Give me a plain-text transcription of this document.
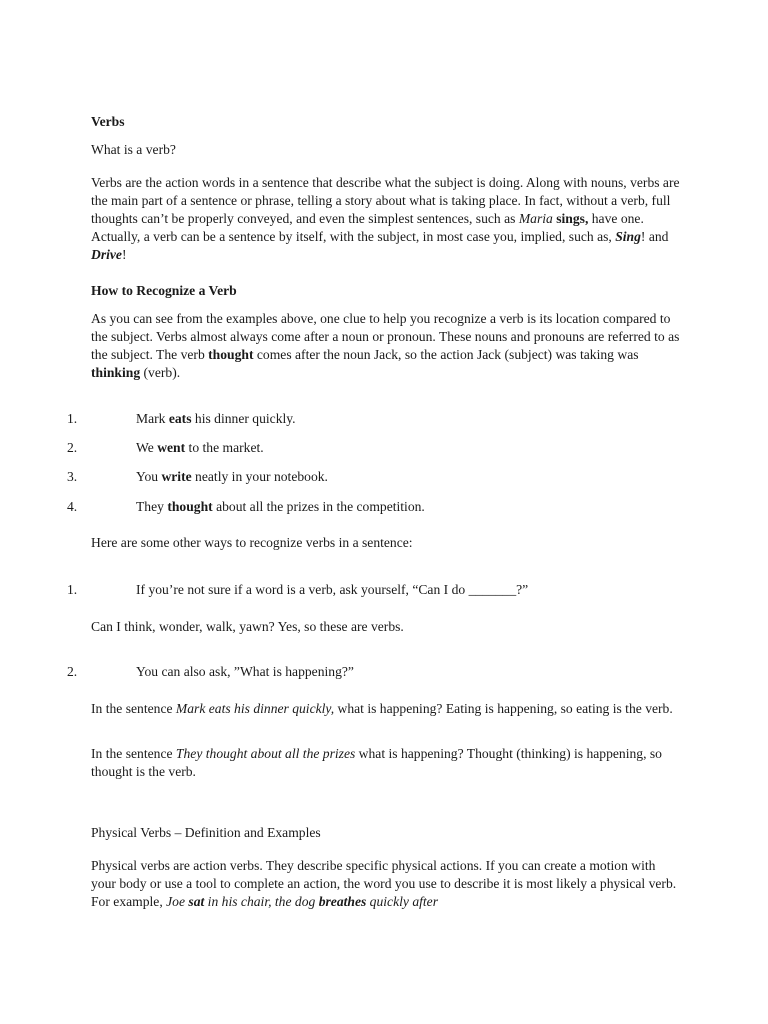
Verbs

What is a verb?

Verbs are the action words in a sentence that describe what the subject is doing. Along with nouns, verbs are the main part of a sentence or phrase, telling a story about what is taking place. In fact, without a verb, full thoughts can’t be properly conveyed, and even the simplest sentences, such as Maria sings, have one. Actually, a verb can be a sentence by itself, with the subject, in most case you, implied, such as, Sing! and Drive!

How to Recognize a Verb

As you can see from the examples above, one clue to help you recognize a verb is its location compared to the subject. Verbs almost always come after a noun or pronoun. These nouns and pronouns are referred to as the subject. The verb thought comes after the noun Jack, so the action Jack (subject) was taking was thinking (verb).

1.	Mark eats his dinner quickly.

2.	We went to the market.

3.	You write neatly in your notebook.

4.	They thought about all the prizes in the competition.

Here are some other ways to recognize verbs in a sentence:

1.	If you’re not sure if a word is a verb, ask yourself, “Can I do _______?”

Can I think, wonder, walk, yawn? Yes, so these are verbs.

2.	You can also ask, ”What is happening?”

In the sentence Mark eats his dinner quickly, what is happening? Eating is happening, so eating is the verb.

In the sentence They thought about all the prizes what is happening? Thought (thinking) is happening, so thought is the verb.

Physical Verbs – Definition and Examples

Physical verbs are action verbs. They describe specific physical actions. If you can create a motion with your body or use a tool to complete an action, the word you use to describe it is most likely a physical verb. For example, Joe sat in his chair, the dog breathes quickly after
